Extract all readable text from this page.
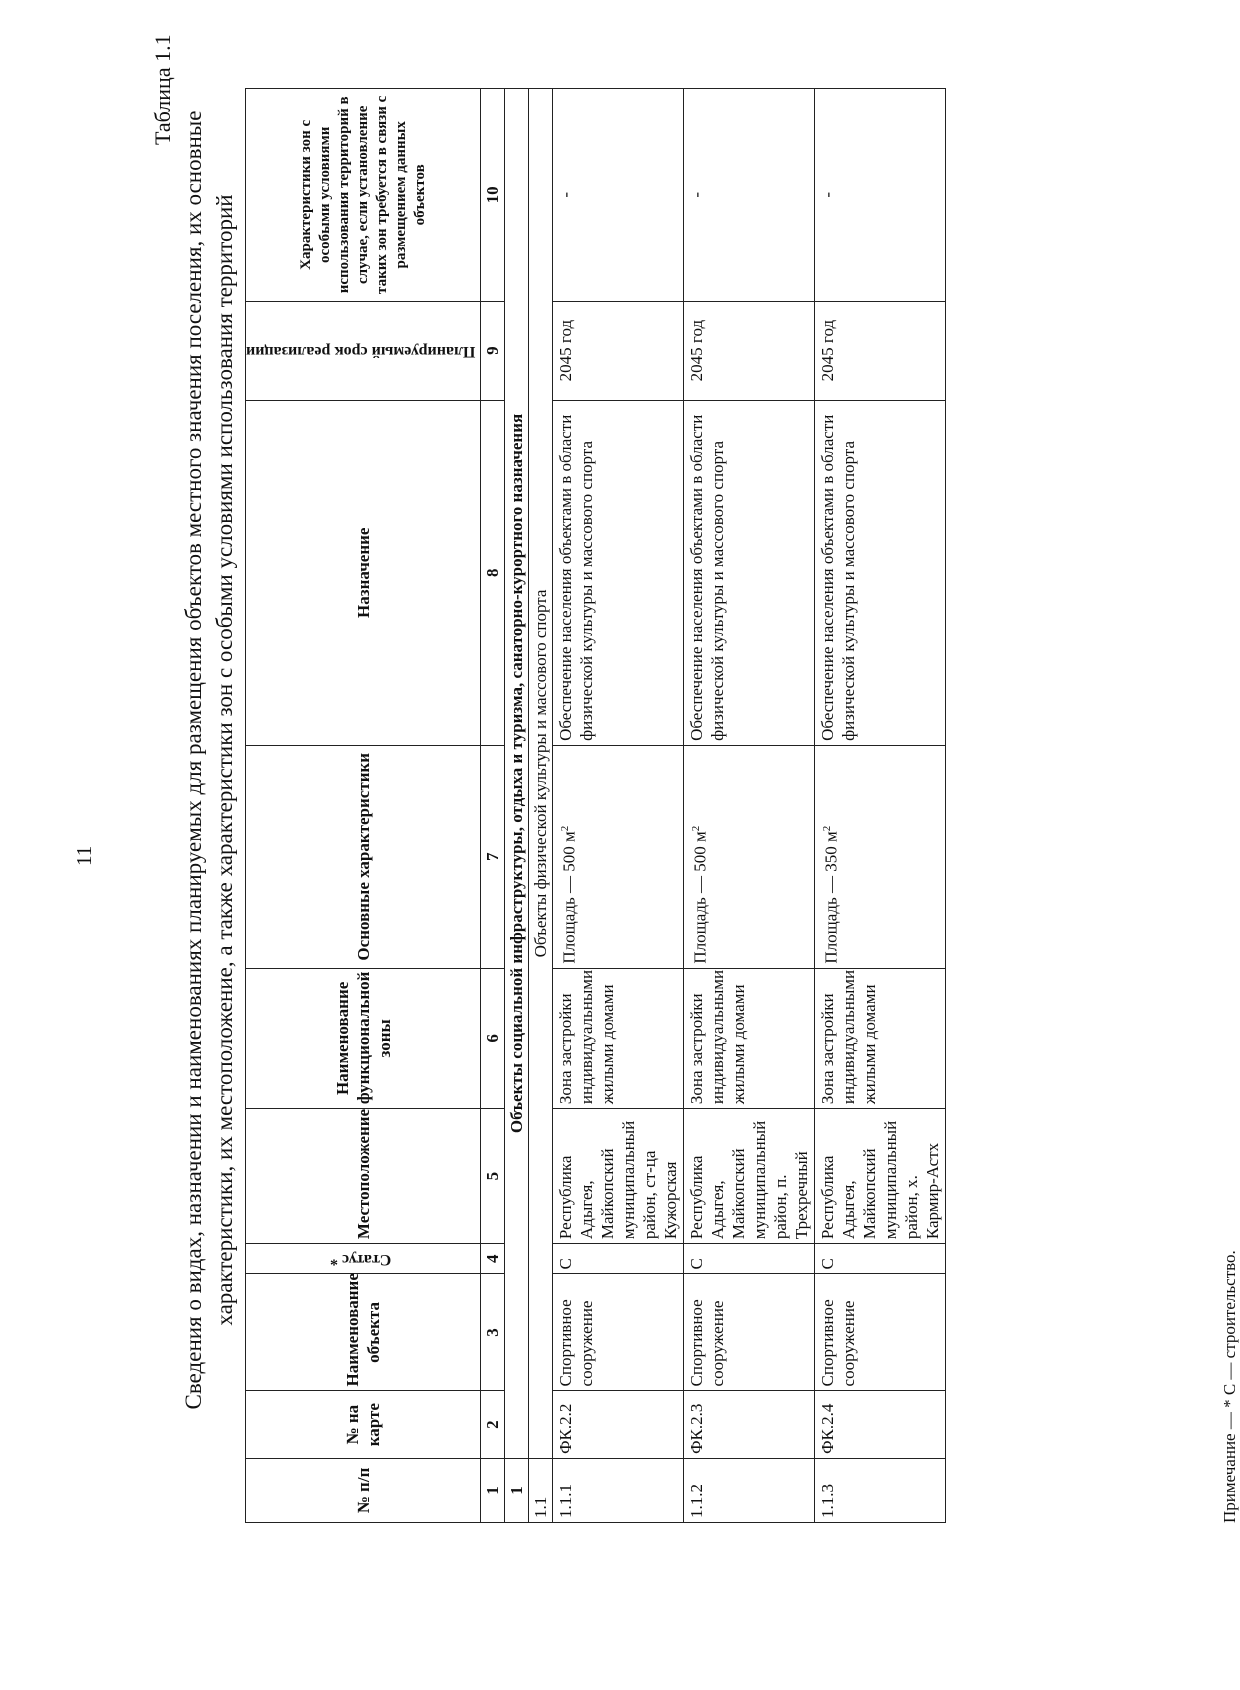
11
Таблица 1.1
Сведения о видах, назначении и наименованиях планируемых для размещения объектов местного значения поселения, их основные характеристики, их местоположение, а также характеристики зон с особыми условиями использования территорий
№ п/п	№ на карте	Наименование объекта	Статус *	Местоположение	Наименование функциональной зоны	Основные характеристики	Назначение	Планируемый срок реализации	Характеристики зон с особыми условиями использования территорий в случае, если установление таких зон требуется в связи с размещением данных объектов
1	2	3	4	5	6	7	8	9	10
1	Объекты социальной инфраструктуры, отдыха и туризма, санаторно-курортного назначения								
1.1	Объекты физической культуры и массового спорта								
1.1.1	ФК.2.2	Спортивное сооружение	С	Республика Адыгея, Майкопский муниципальный район, ст-ца Кужорская	Зона застройки индивидуальными жилыми домами	Площадь — 500 $м^2$	Обеспечение населения объектами в области физической культуры и массового спорта	2045 год	-
1.1.2	ФК.2.3	Спортивное сооружение	С	Республика Адыгея, Майкопский муниципальный район, п. Трехречный	Зона застройки индивидуальными жилыми домами	Площадь — 500 $м^2$	Обеспечение населения объектами в области физической культуры и массового спорта	2045 год	-
1.1.3	ФК.2.4	Спортивное сооружение	С	Республика Адыгея, Майкопский муниципальный район, х. Кармир-Астх	Зона застройки индивидуальными жилыми домами	Площадь — 350 $м^2$	Обеспечение населения объектами в области физической культуры и массового спорта	2045 год	-
Примечание — * С — строительство.
